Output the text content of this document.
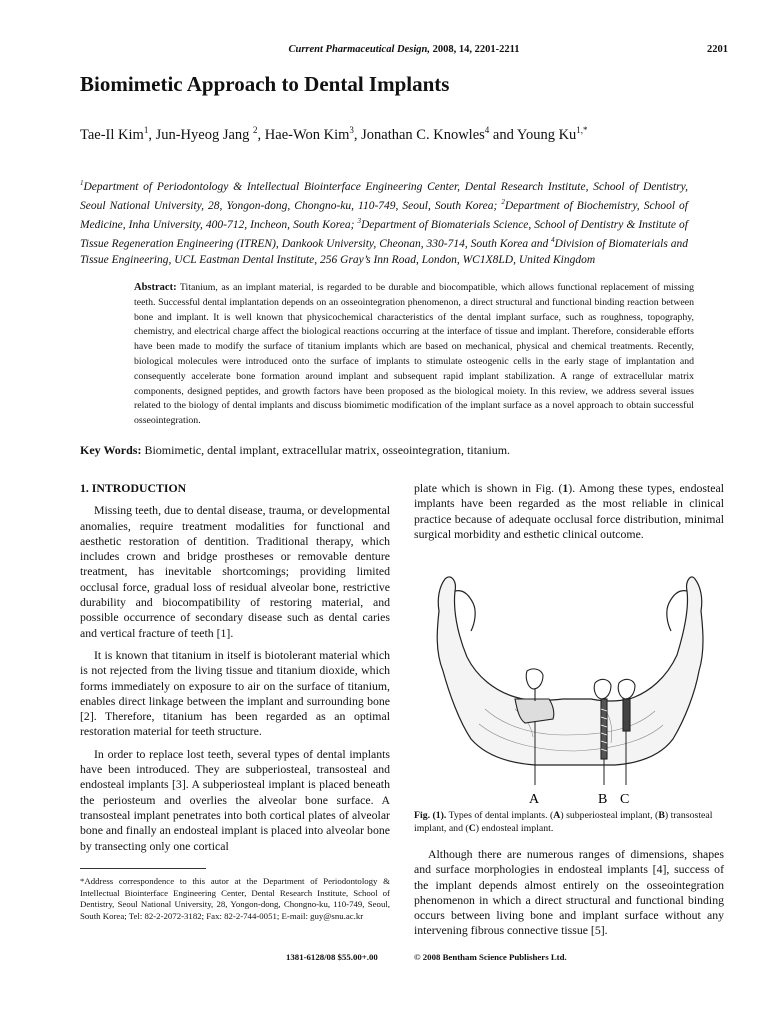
Current Pharmaceutical Design, 2008, 14, 2201-2211	2201
Biomimetic Approach to Dental Implants
Tae-Il Kim$^1$, Jun-Hyeog Jang $^2$, Hae-Won Kim$^3$, Jonathan C. Knowles$^4$ and Young $Ku^{1,*}$
$^1$Department of Periodontology & Intellectual Biointerface Engineering Center, Dental Research Institute, School of Dentistry, Seoul National University, 28, Yongon-dong, Chongno-ku, 110-749, Seoul, South Korea; $^2$Department of Biochemistry, School of Medicine, Inha University, 400-712, Incheon, South Korea; $^3$Department of Biomaterials Science, School of Dentistry & Institute of Tissue Regeneration Engineering (ITREN), Dankook University, Cheonan, 330-714, South Korea and $^4$Division of Biomaterials and Tissue Engineering, UCL Eastman Dental Institute, 256 Gray’s Inn Road, London, WC1X8LD, United Kingdom
Abstract: Titanium, as an implant material, is regarded to be durable and biocompatible, which allows functional replacement of missing teeth. Successful dental implantation depends on an osseointegration phenomenon, a direct structural and functional binding reaction between bone and implant. It is well known that physicochemical characteristics of the dental implant surface, such as roughness, topography, chemistry, and electrical charge affect the biological reactions occurring at the interface of tissue and implant. Therefore, considerable efforts have been made to modify the surface of titanium implants which are based on mechanical, physical and chemical treatments. Recently, biological molecules were introduced onto the surface of implants to stimulate osteogenic cells in the early stage of implantation and consequently accelerate bone formation around implant and subsequent rapid implant stabilization. A range of extracellular matrix components, designed peptides, and growth factors have been proposed as the biological moiety. In this review, we address several issues related to the biology of dental implants and discuss biomimetic modification of the implant surface as a novel approach to obtain successful osseointegration.
Key Words: Biomimetic, dental implant, extracellular matrix, osseointegration, titanium.

1. INTRODUCTION

Missing teeth, due to dental disease, trauma, or developmental anomalies, require treatment modalities for functional and aesthetic restoration of dentition. Traditional therapy, which includes crown and bridge prostheses or removable denture treatment, has inevitable shortcomings; providing limited occlusal force, gradual loss of residual alveolar bone, restrictive durability and biocompatibility of restoring material, and possible occurrence of secondary disease such as dental caries and vertical fracture of teeth [1].

It is known that titanium in itself is biotolerant material which is not rejected from the living tissue and titanium dioxide, which forms immediately on exposure to air on the surface of titanium, enables direct linkage between the implant and surrounding bone [2]. Therefore, titanium has been regarded as an optimal restoration material for teeth structure.

In order to replace lost teeth, several types of dental implants have been introduced. They are subperiosteal, transosteal and endosteal implants [3]. A subperiosteal implant is placed beneath the periosteum and overlies the alveolar bone surface. A transosteal implant penetrates into both cortical plates of alveolar bone and finally an endosteal implant is placed into alveolar bone by transecting only one cortical

plate which is shown in Fig. (1). Among these types, endosteal implants have been regarded as the most reliable in clinical practice because of adequate occlusal force distribution, minimal surgical morbidity and esthetic clinical outcome.

A	B C
Fig. (1). Types of dental implants. (A) subperiosteal implant, (B) transosteal implant, and (C) endosteal implant.

Although there are numerous ranges of dimensions, shapes and surface morphologies in endosteal implants [4], success of the implant depends almost entirely on the osseointegration phenomenon in which a direct structural and functional binding occurs between living bone and implant surface without any intervening fibrous connective tissue [5].

*Address correspondence to this autor at the Department of Periodontology & Intellectual Biointerface Engineering Center, Dental Research Institute, School of Dentistry, Seoul National University, 28, Yongon-dong, Chongno-ku, 110-749, Seoul, South Korea; Tel: 82-2-2072-3182; Fax: 82-2-744-0051; E-mail: guy@snu.ac.kr
1381-6128/08 $55.00+.00	© 2008 Bentham Science Publishers Ltd.
